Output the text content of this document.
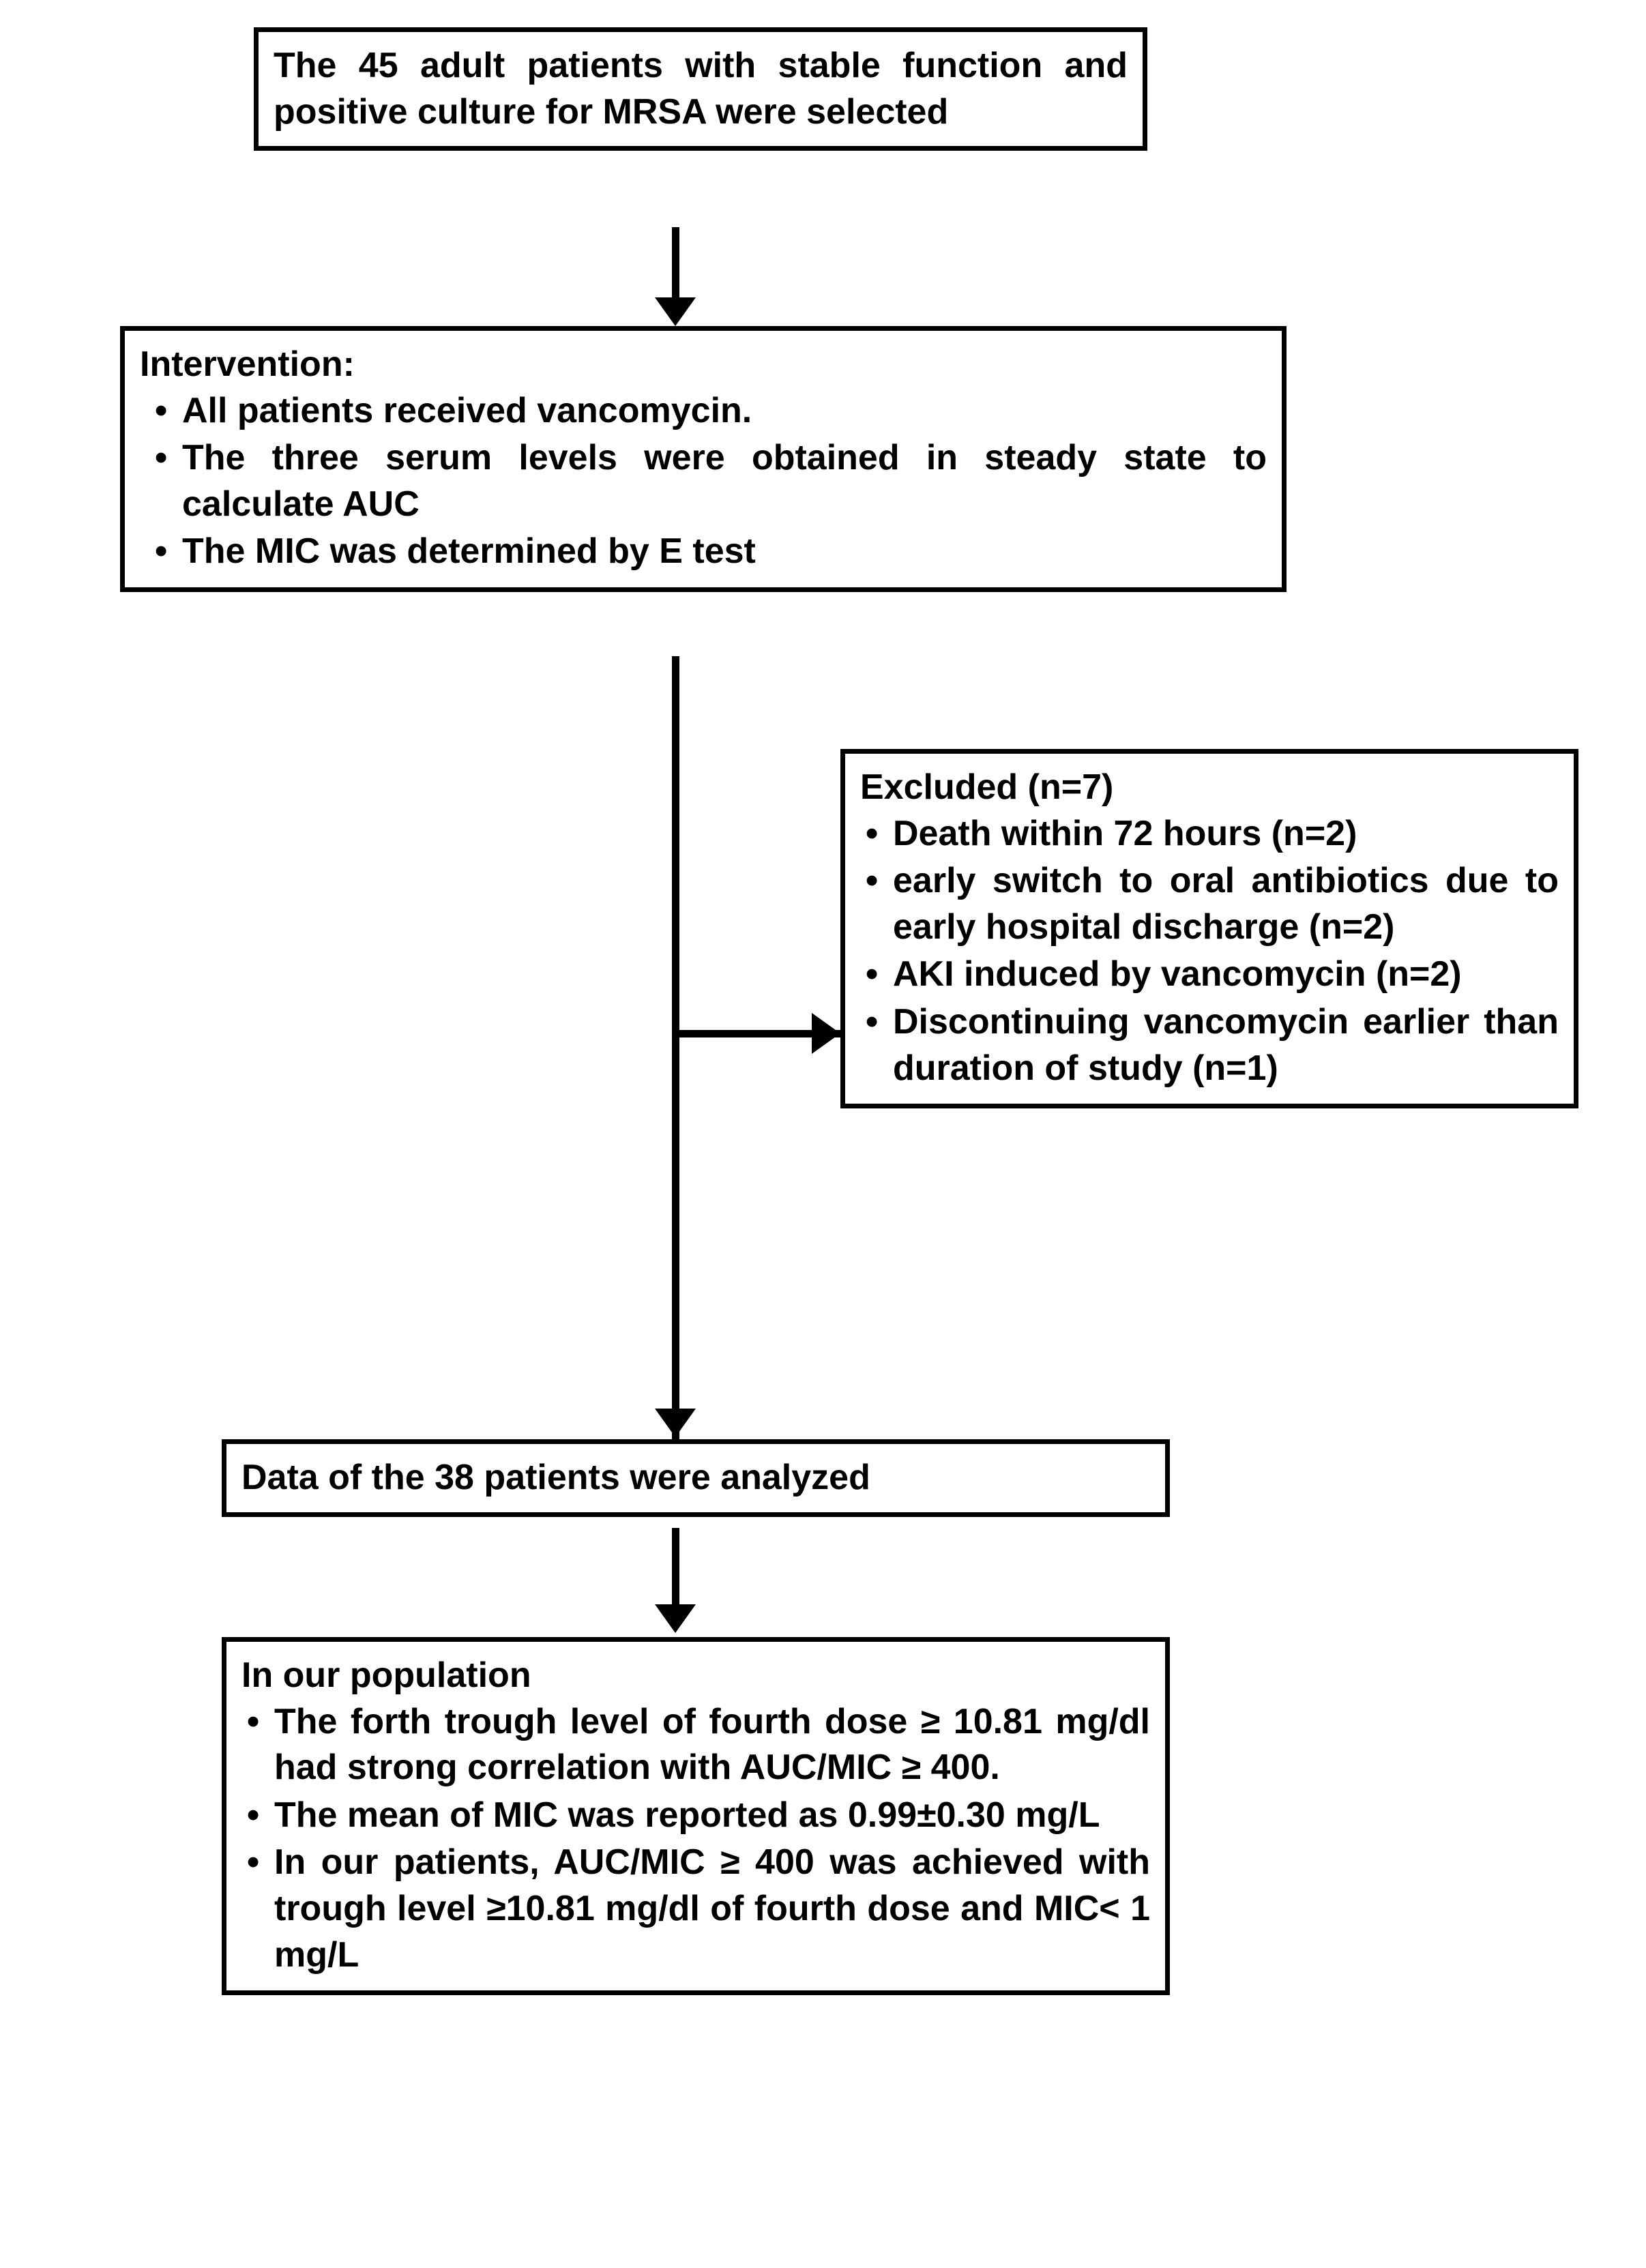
The 45 adult patients with stable function and positive culture for MRSA were selected

Intervention:

• All patients received vancomycin.
• The three serum levels were obtained in steady state to calculate AUC
• The MIC was determined by E test

Excluded (n=7)

• Death within 72 hours (n=2)
• early switch to oral antibiotics due to early hospital discharge (n=2)
• AKI induced by vancomycin (n=2)
• Discontinuing vancomycin earlier than duration of study (n=1)

Data of the 38 patients were analyzed

In our population

• The forth trough level of fourth dose ≥ 10.81 mg/dl had strong correlation with AUC/MIC ≥ 400.
• The mean of MIC was reported as 0.99±0.30 mg/L
• In our patients, AUC/MIC ≥ 400 was achieved with trough level ≥10.81 mg/dl of fourth dose and MIC< 1 mg/L
